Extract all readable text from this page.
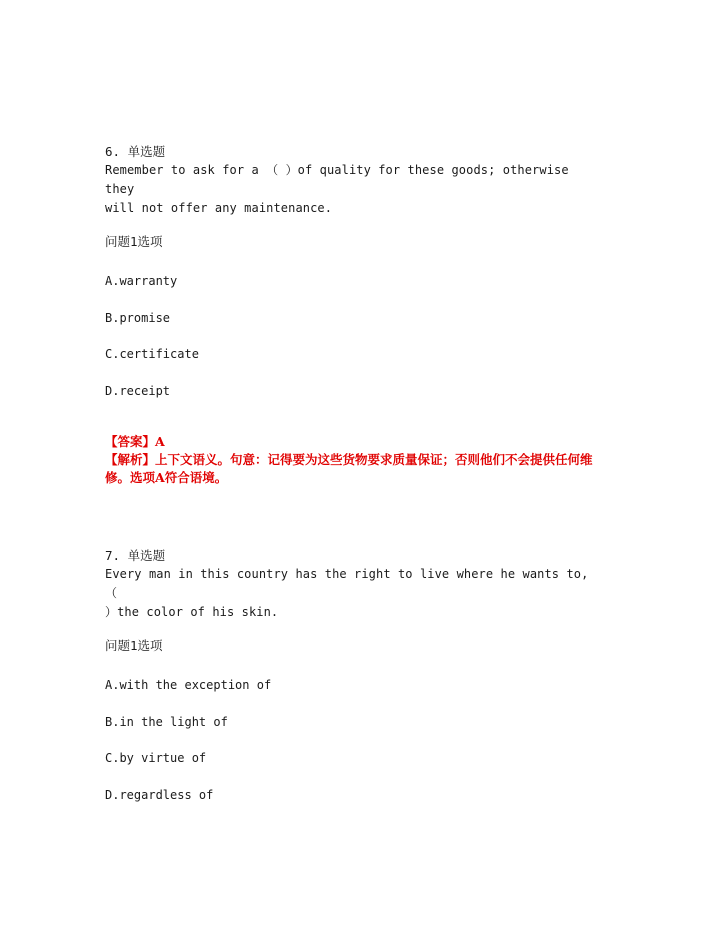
6. 单选题
Remember to ask for a （ ）of quality for these goods; otherwise they
will not offer any maintenance.
问题1选项
A.warranty
B.promise
C.certificate
D.receipt
【答案】A
【解析】上下文语义。句意：记得要为这些货物要求质量保证；否则他们不会提供任何维修。选项A符合语境。
7. 单选题
Every man in this country has the right to live where he wants to, （
）the color of his skin.
问题1选项
A.with the exception of
B.in the light of
C.by virtue of
D.regardless of
